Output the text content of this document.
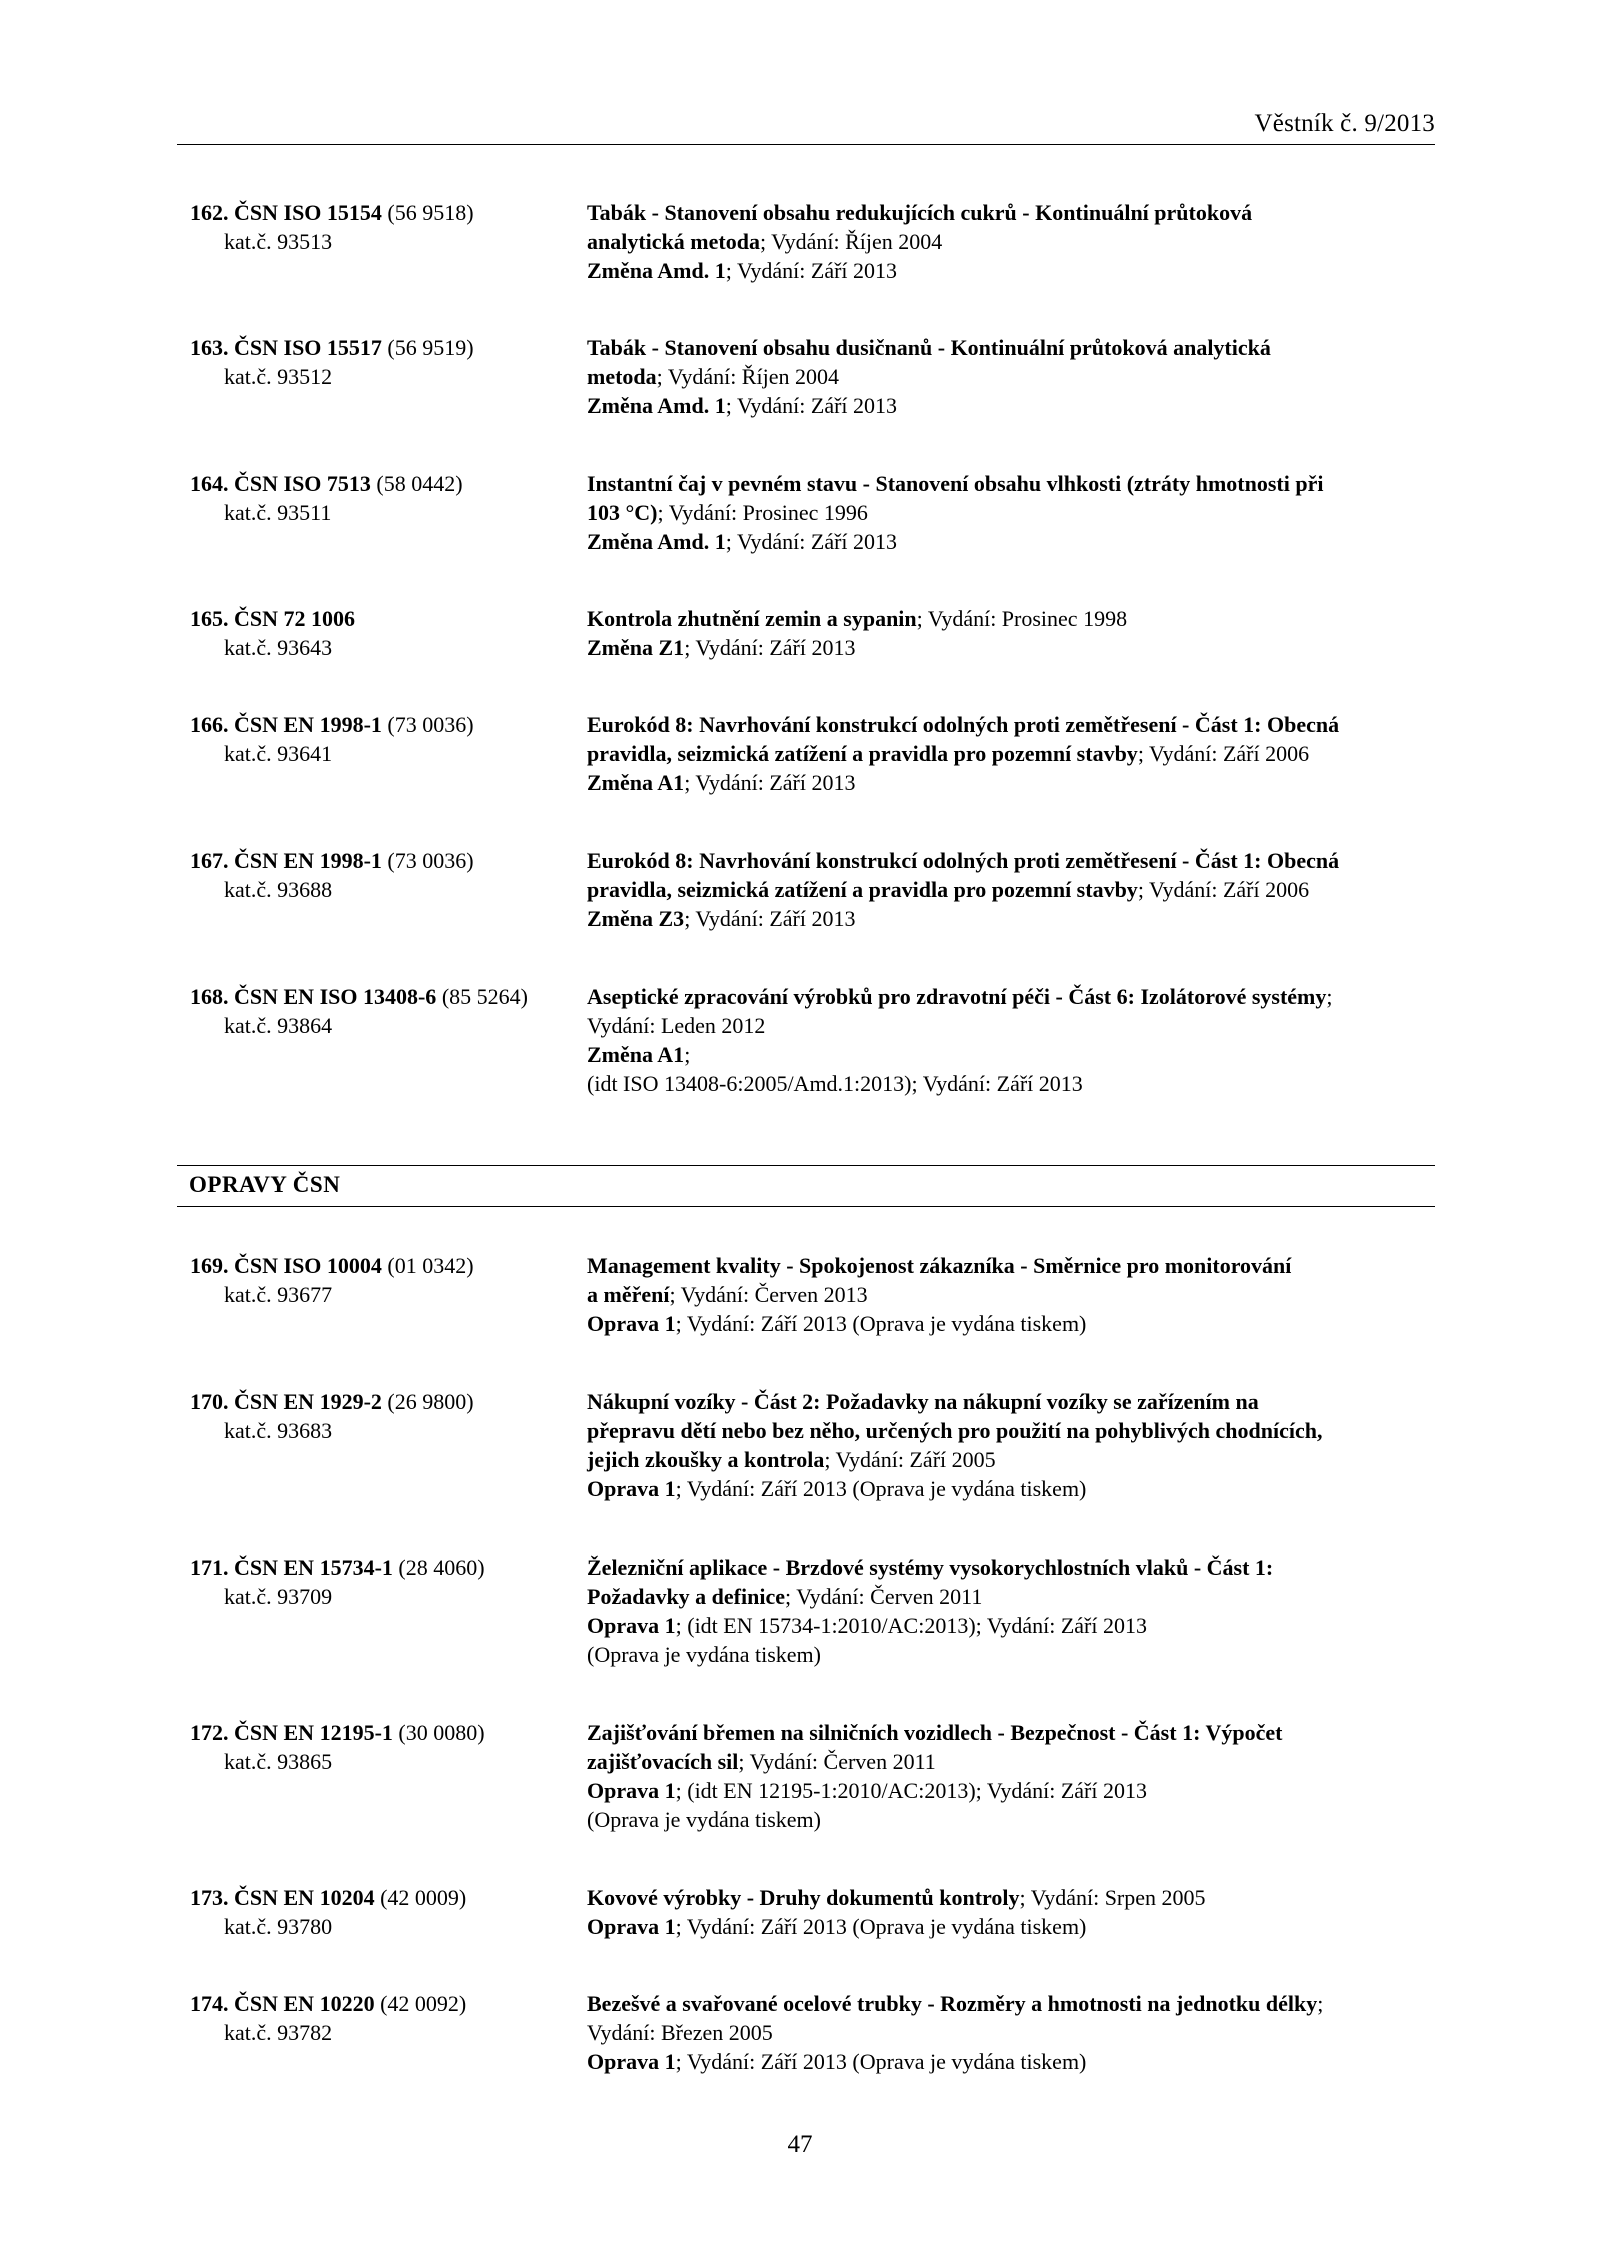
Věstník č. 9/2013
162. ČSN ISO 15154 (56 9518)
kat.č. 93513
Tabák - Stanovení obsahu redukujících cukrů - Kontinuální průtoková
analytická metoda; Vydání: Říjen 2004
Změna Amd. 1; Vydání: Září 2013
163. ČSN ISO 15517 (56 9519)
kat.č. 93512
Tabák - Stanovení obsahu dusičnanů - Kontinuální průtoková analytická
metoda; Vydání: Říjen 2004
Změna Amd. 1; Vydání: Září 2013
164. ČSN ISO 7513 (58 0442)
kat.č. 93511
Instantní čaj v pevném stavu - Stanovení obsahu vlhkosti (ztráty hmotnosti při
103 °C); Vydání: Prosinec 1996
Změna Amd. 1; Vydání: Září 2013
165. ČSN 72 1006
kat.č. 93643
Kontrola zhutnění zemin a sypanin; Vydání: Prosinec 1998
Změna Z1; Vydání: Září 2013
166. ČSN EN 1998-1 (73 0036)
kat.č. 93641
Eurokód 8: Navrhování konstrukcí odolných proti zemětřesení - Část 1: Obecná
pravidla, seizmická zatížení a pravidla pro pozemní stavby; Vydání: Září 2006
Změna A1; Vydání: Září 2013
167. ČSN EN 1998-1 (73 0036)
kat.č. 93688
Eurokód 8: Navrhování konstrukcí odolných proti zemětřesení - Část 1: Obecná
pravidla, seizmická zatížení a pravidla pro pozemní stavby; Vydání: Září 2006
Změna Z3; Vydání: Září 2013
168. ČSN EN ISO 13408-6 (85 5264)
kat.č. 93864
Aseptické zpracování výrobků pro zdravotní péči - Část 6: Izolátorové systémy;
Vydání: Leden 2012
Změna A1;
(idt ISO 13408-6:2005/Amd.1:2013); Vydání: Září 2013
OPRAVY ČSN
169. ČSN ISO 10004 (01 0342)
kat.č. 93677
Management kvality - Spokojenost zákazníka - Směrnice pro monitorování
a měření; Vydání: Červen 2013
Oprava 1; Vydání: Září 2013 (Oprava je vydána tiskem)
170. ČSN EN 1929-2 (26 9800)
kat.č. 93683
Nákupní vozíky - Část 2: Požadavky na nákupní vozíky se zařízením na
přepravu dětí nebo bez něho, určených pro použití na pohyblivých chodnících,
jejich zkoušky a kontrola; Vydání: Září 2005
Oprava 1; Vydání: Září 2013 (Oprava je vydána tiskem)
171. ČSN EN 15734-1 (28 4060)
kat.č. 93709
Železniční aplikace - Brzdové systémy vysokorychlostních vlaků - Část 1:
Požadavky a definice; Vydání: Červen 2011
Oprava 1; (idt EN 15734-1:2010/AC:2013); Vydání: Září 2013
(Oprava je vydána tiskem)
172. ČSN EN 12195-1 (30 0080)
kat.č. 93865
Zajišťování břemen na silničních vozidlech - Bezpečnost - Část 1: Výpočet
zajišťovacích sil; Vydání: Červen 2011
Oprava 1; (idt EN 12195-1:2010/AC:2013); Vydání: Září 2013
(Oprava je vydána tiskem)
173. ČSN EN 10204 (42 0009)
kat.č. 93780
Kovové výrobky - Druhy dokumentů kontroly; Vydání: Srpen 2005
Oprava 1; Vydání: Září 2013 (Oprava je vydána tiskem)
174. ČSN EN 10220 (42 0092)
kat.č. 93782
Bezešvé a svařované ocelové trubky - Rozměry a hmotnosti na jednotku délky;
Vydání: Březen 2005
Oprava 1; Vydání: Září 2013 (Oprava je vydána tiskem)
47
